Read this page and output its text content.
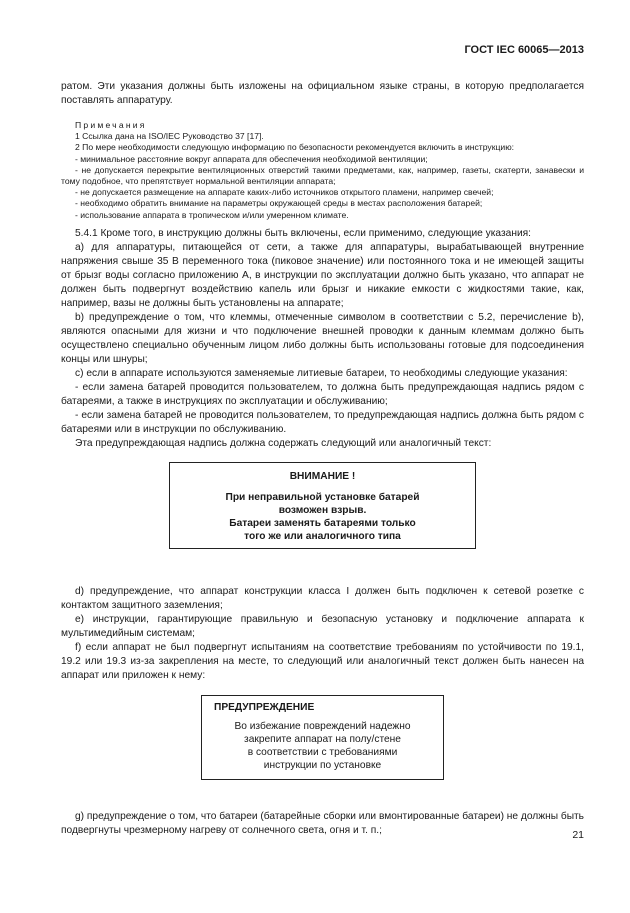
ГОСТ IEC 60065—2013

ратом. Эти указания должны быть изложены на официальном языке страны, в которую предполагается поставлять аппаратуру.

Примечания

1 Ссылка дана на ISO/IEC Руководство 37 [17].

2 По мере необходимости следующую информацию по безопасности рекомендуется включить в инструкцию:

- минимальное расстояние вокруг аппарата для обеспечения необходимой вентиляции;

- не допускается перекрытие вентиляционных отверстий такими предметами, как, например, газеты, скатерти, занавески и тому подобное, что препятствует нормальной вентиляции аппарата;

- не допускается размещение на аппарате каких-либо источников открытого пламени, например свечей;

- необходимо обратить внимание на параметры окружающей среды в местах расположения батарей;

- использование аппарата в тропическом и/или умеренном климате.

5.4.1 Кроме того, в инструкцию должны быть включены, если применимо, следующие указания:

a) для аппаратуры, питающейся от сети, а также для аппаратуры, вырабатывающей внутренние напряжения свыше 35 В переменного тока (пиковое значение) или постоянного тока и не имеющей защиты от брызг воды согласно приложению А, в инструкции по эксплуатации должно быть указано, что аппарат не должен быть подвергнут воздействию капель или брызг и никакие емкости с жидкостями такие, как, например, вазы не должны быть установлены на аппарате;

b) предупреждение о том, что клеммы, отмеченные символом в соответствии с 5.2, перечисление b), являются опасными для жизни и что подключение внешней проводки к данным клеммам должно быть осуществлено специально обученным лицом либо должны быть использованы готовые для подсоединения концы или шнуры;

c) если в аппарате используются заменяемые литиевые батареи, то необходимы следующие указания:

- если замена батарей проводится пользователем, то должна быть предупреждающая надпись рядом с батареями, а также в инструкциях по эксплуатации и обслуживанию;

- если замена батарей не проводится пользователем, то предупреждающая надпись должна быть рядом с батареями или в инструкции по обслуживанию.

Эта предупреждающая надпись должна содержать следующий или аналогичный текст:

ВНИМАНИЕ !
При неправильной установке батарей
возможен взрыв.
Батареи заменять батареями только
того же или аналогичного типа

d) предупреждение, что аппарат конструкции класса I должен быть подключен к сетевой розетке с контактом защитного заземления;

e) инструкции, гарантирующие правильную и безопасную установку и подключение аппарата к мультимедийным системам;

f) если аппарат не был подвергнут испытаниям на соответствие требованиям по устойчивости по 19.1, 19.2 или 19.3 из-за закрепления на месте, то следующий или аналогичный текст должен быть нанесен на аппарат или приложен к нему:

ПРЕДУПРЕЖДЕНИЕ
Во избежание повреждений надежно
закрепите аппарат на полу/стене
в соответствии с требованиями
инструкции по установке

g) предупреждение о том, что батареи (батарейные сборки или вмонтированные батареи) не должны быть подвергнуты чрезмерному нагреву от солнечного света, огня и т. п.;	21
